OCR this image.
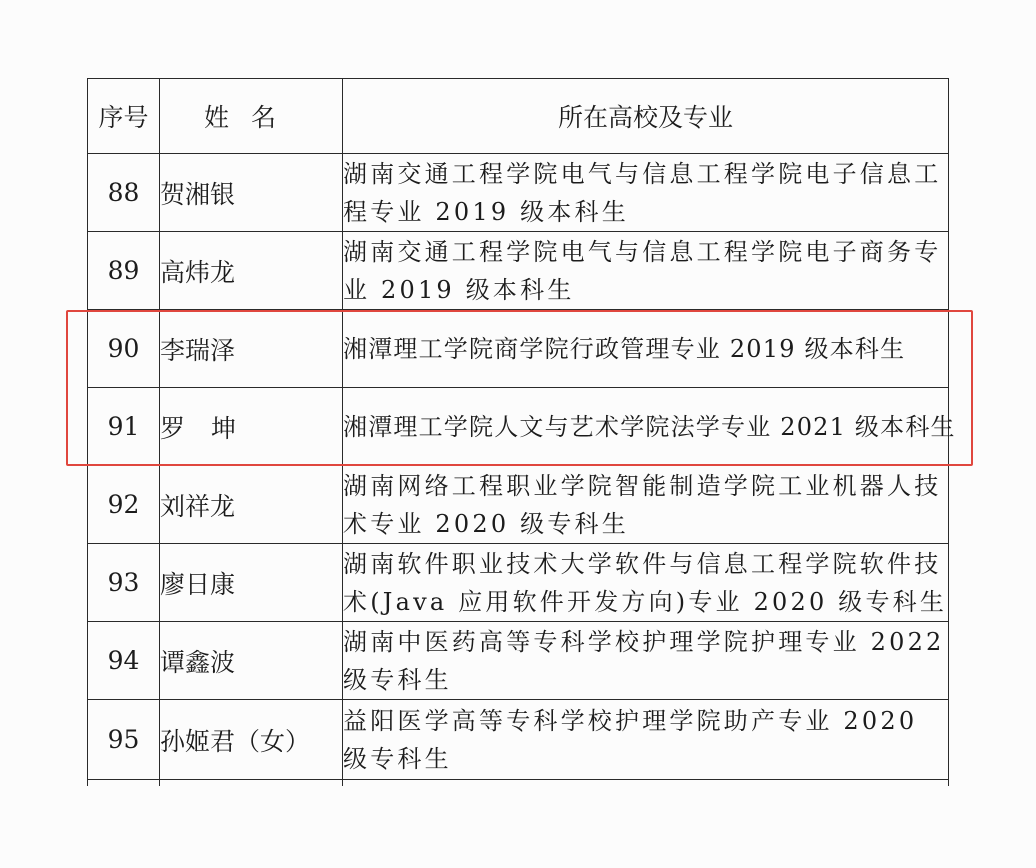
序号	姓名	所在高校及专业
88	贺湘银	湖南交通工程学院电气与信息工程学院电子信息工程专业 2019 级本科生
89	高炜龙	湖南交通工程学院电气与信息工程学院电子商务专业 2019 级本科生
90	李瑞泽	湘潭理工学院商学院行政管理专业 2019 级本科生
91	罗坤	湘潭理工学院人文与艺术学院法学专业 2021 级本科生
92	刘祥龙	湖南网络工程职业学院智能制造学院工业机器人技术专业 2020 级专科生
93	廖日康	湖南软件职业技术大学软件与信息工程学院软件技术(Java 应用软件开发方向)专业 2020 级专科生
94	谭鑫波	湖南中医药高等专科学校护理学院护理专业 2022 级专科生
95	孙姬君（女）	益阳医学高等专科学校护理学院助产专业 2020 级专科生
